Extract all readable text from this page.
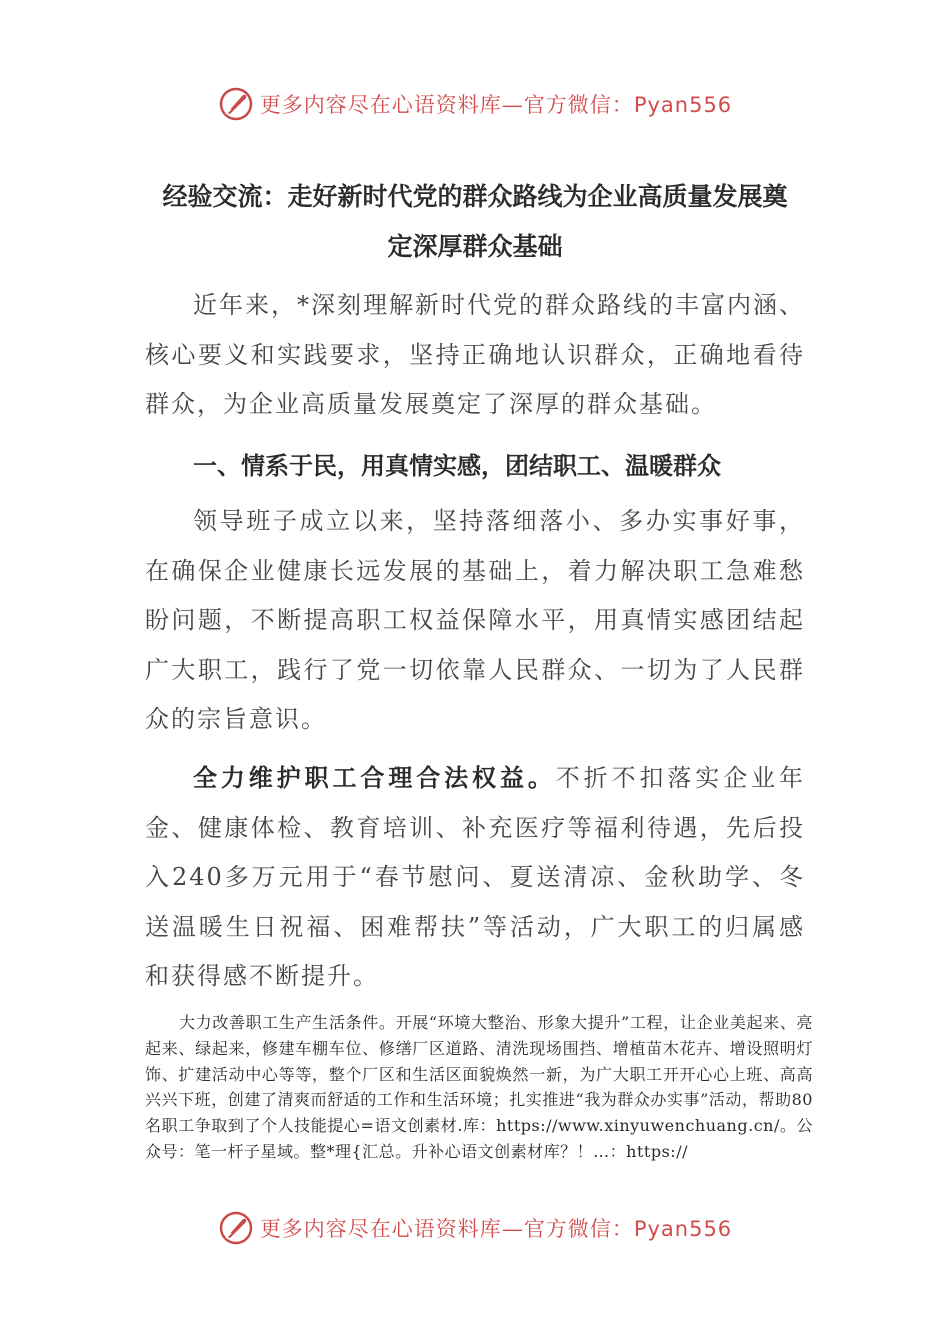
更多内容尽在心语资料库—官方微信：Pyan556
经验交流：走好新时代党的群众路线为企业高质量发展奠
定深厚群众基础
近年来，*深刻理解新时代党的群众路线的丰富内涵、核心要义和实践要求，坚持正确地认识群众，正确地看待群众，为企业高质量发展奠定了深厚的群众基础。
一、情系于民，用真情实感，团结职工、温暖群众
领导班子成立以来，坚持落细落小、多办实事好事，在确保企业健康长远发展的基础上，着力解决职工急难愁盼问题，不断提高职工权益保障水平，用真情实感团结起广大职工，践行了党一切依靠人民群众、一切为了人民群众的宗旨意识。
全力维护职工合理合法权益。不折不扣落实企业年金、健康体检、教育培训、补充医疗等福利待遇，先后投入240多万元用于“春节慰问、夏送清凉、金秋助学、冬送温暖生日祝福、困难帮扶”等活动，广大职工的归属感和获得感不断提升。
大力改善职工生产生活条件。开展“环境大整治、形象大提升”工程，让企业美起来、亮起来、绿起来，修建车棚车位、修缮厂区道路、清洗现场围挡、增植苗木花卉、增设照明灯饰、扩建活动中心等等，整个厂区和生活区面貌焕然一新，为广大职工开开心心上班、高高兴兴下班，创建了清爽而舒适的工作和生活环境；扎实推进“我为群众办实事”活动，帮助80名职工争取到了个人技能提心=语文创素材.库：https://www.xinyuwenchuang.cn/。公众号：笔一杆子星域。整*理{汇总。升补心语文创素材库？！…：https://
更多内容尽在心语资料库—官方微信：Pyan556
